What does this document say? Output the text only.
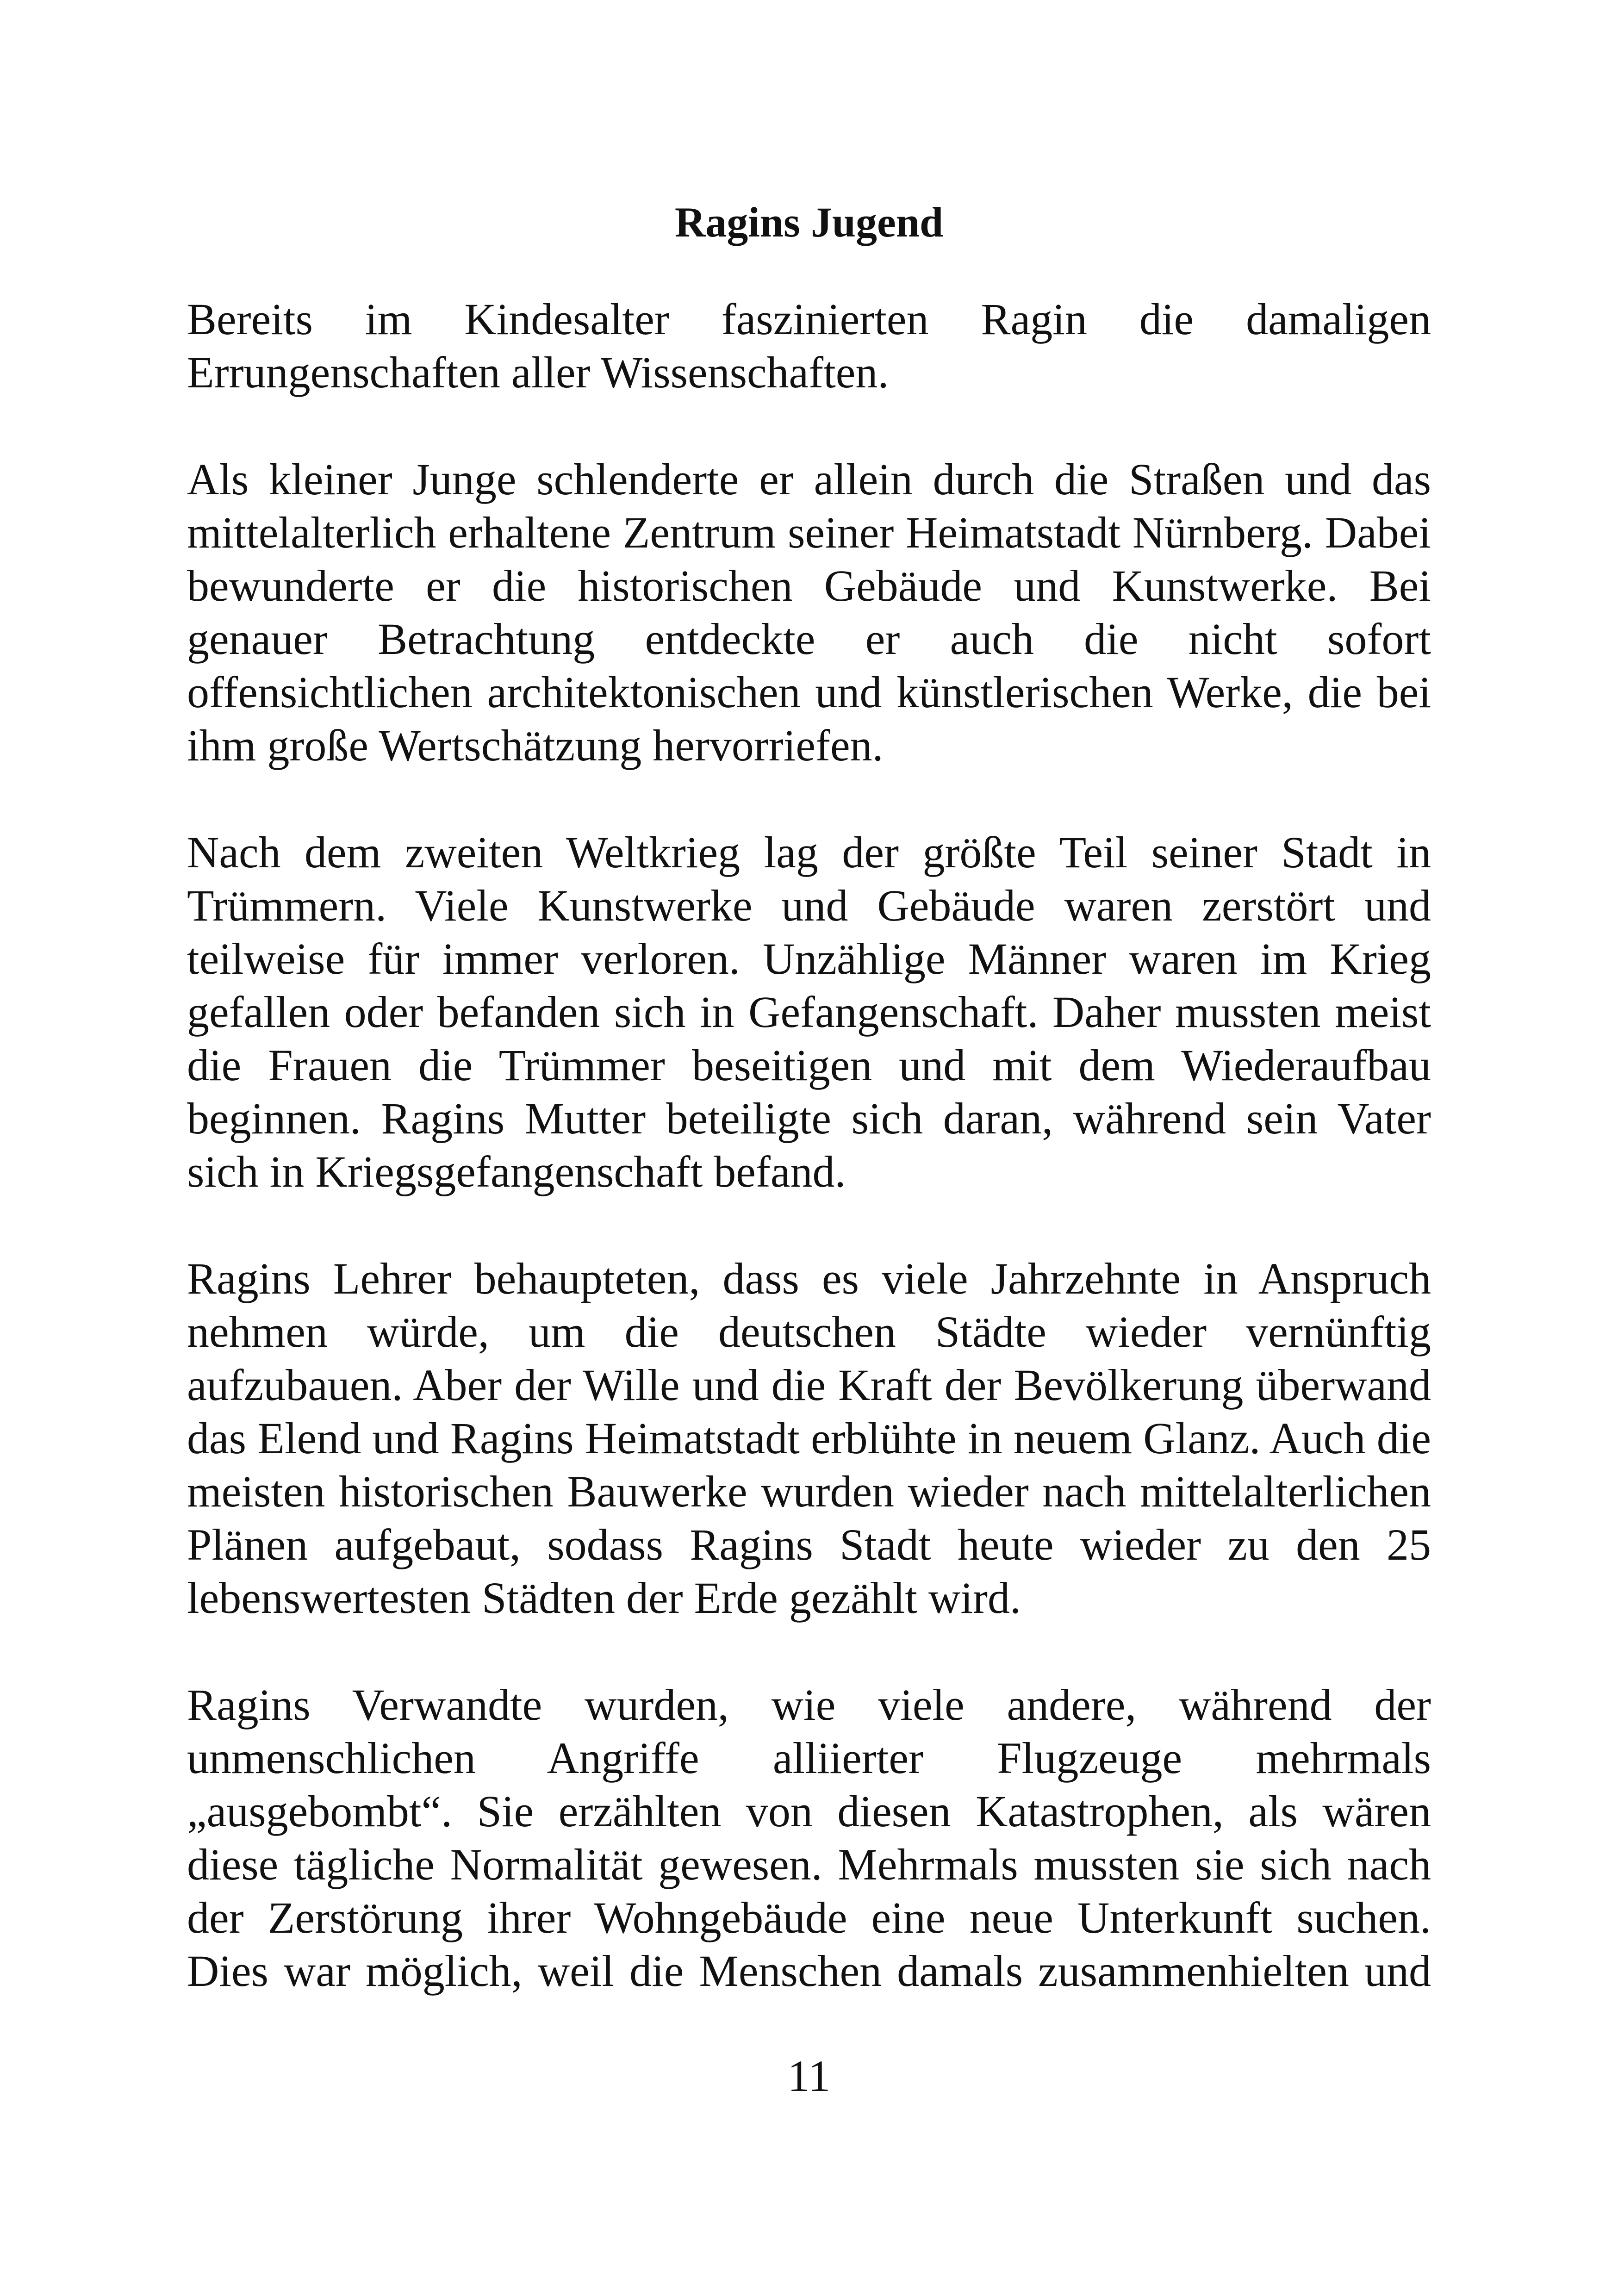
Ragins Jugend

Bereits im Kindesalter faszinierten Ragin die damaligen Errungenschaften aller Wissenschaften.

Als kleiner Junge schlenderte er allein durch die Straßen und das mittelalterlich erhaltene Zentrum seiner Heimatstadt Nürnberg. Dabei bewunderte er die historischen Gebäude und Kunstwerke. Bei genauer Betrachtung entdeckte er auch die nicht sofort offensichtlichen architektonischen und künstlerischen Werke, die bei ihm große Wertschätzung hervorriefen.

Nach dem zweiten Weltkrieg lag der größte Teil seiner Stadt in Trümmern. Viele Kunstwerke und Gebäude waren zerstört und teilweise für immer verloren. Unzählige Männer waren im Krieg gefallen oder befanden sich in Gefangenschaft. Daher mussten meist die Frauen die Trümmer beseitigen und mit dem Wiederaufbau beginnen. Ragins Mutter beteiligte sich daran, während sein Vater sich in Kriegsgefangenschaft befand.

Ragins Lehrer behaupteten, dass es viele Jahrzehnte in Anspruch nehmen würde, um die deutschen Städte wieder vernünftig aufzubauen. Aber der Wille und die Kraft der Bevölkerung überwand das Elend und Ragins Heimatstadt erblühte in neuem Glanz. Auch die meisten historischen Bauwerke wurden wieder nach mittelalterlichen Plänen aufgebaut, sodass Ragins Stadt heute wieder zu den 25 lebenswertesten Städten der Erde gezählt wird.

Ragins Verwandte wurden, wie viele andere, während der unmenschlichen Angriffe alliierter Flugzeuge mehrmals „ausgebombt“. Sie erzählten von diesen Katastrophen, als wären diese tägliche Normalität gewesen. Mehrmals mussten sie sich nach der Zerstörung ihrer Wohngebäude eine neue Unterkunft suchen. Dies war möglich, weil die Menschen damals zusammenhielten und

11
